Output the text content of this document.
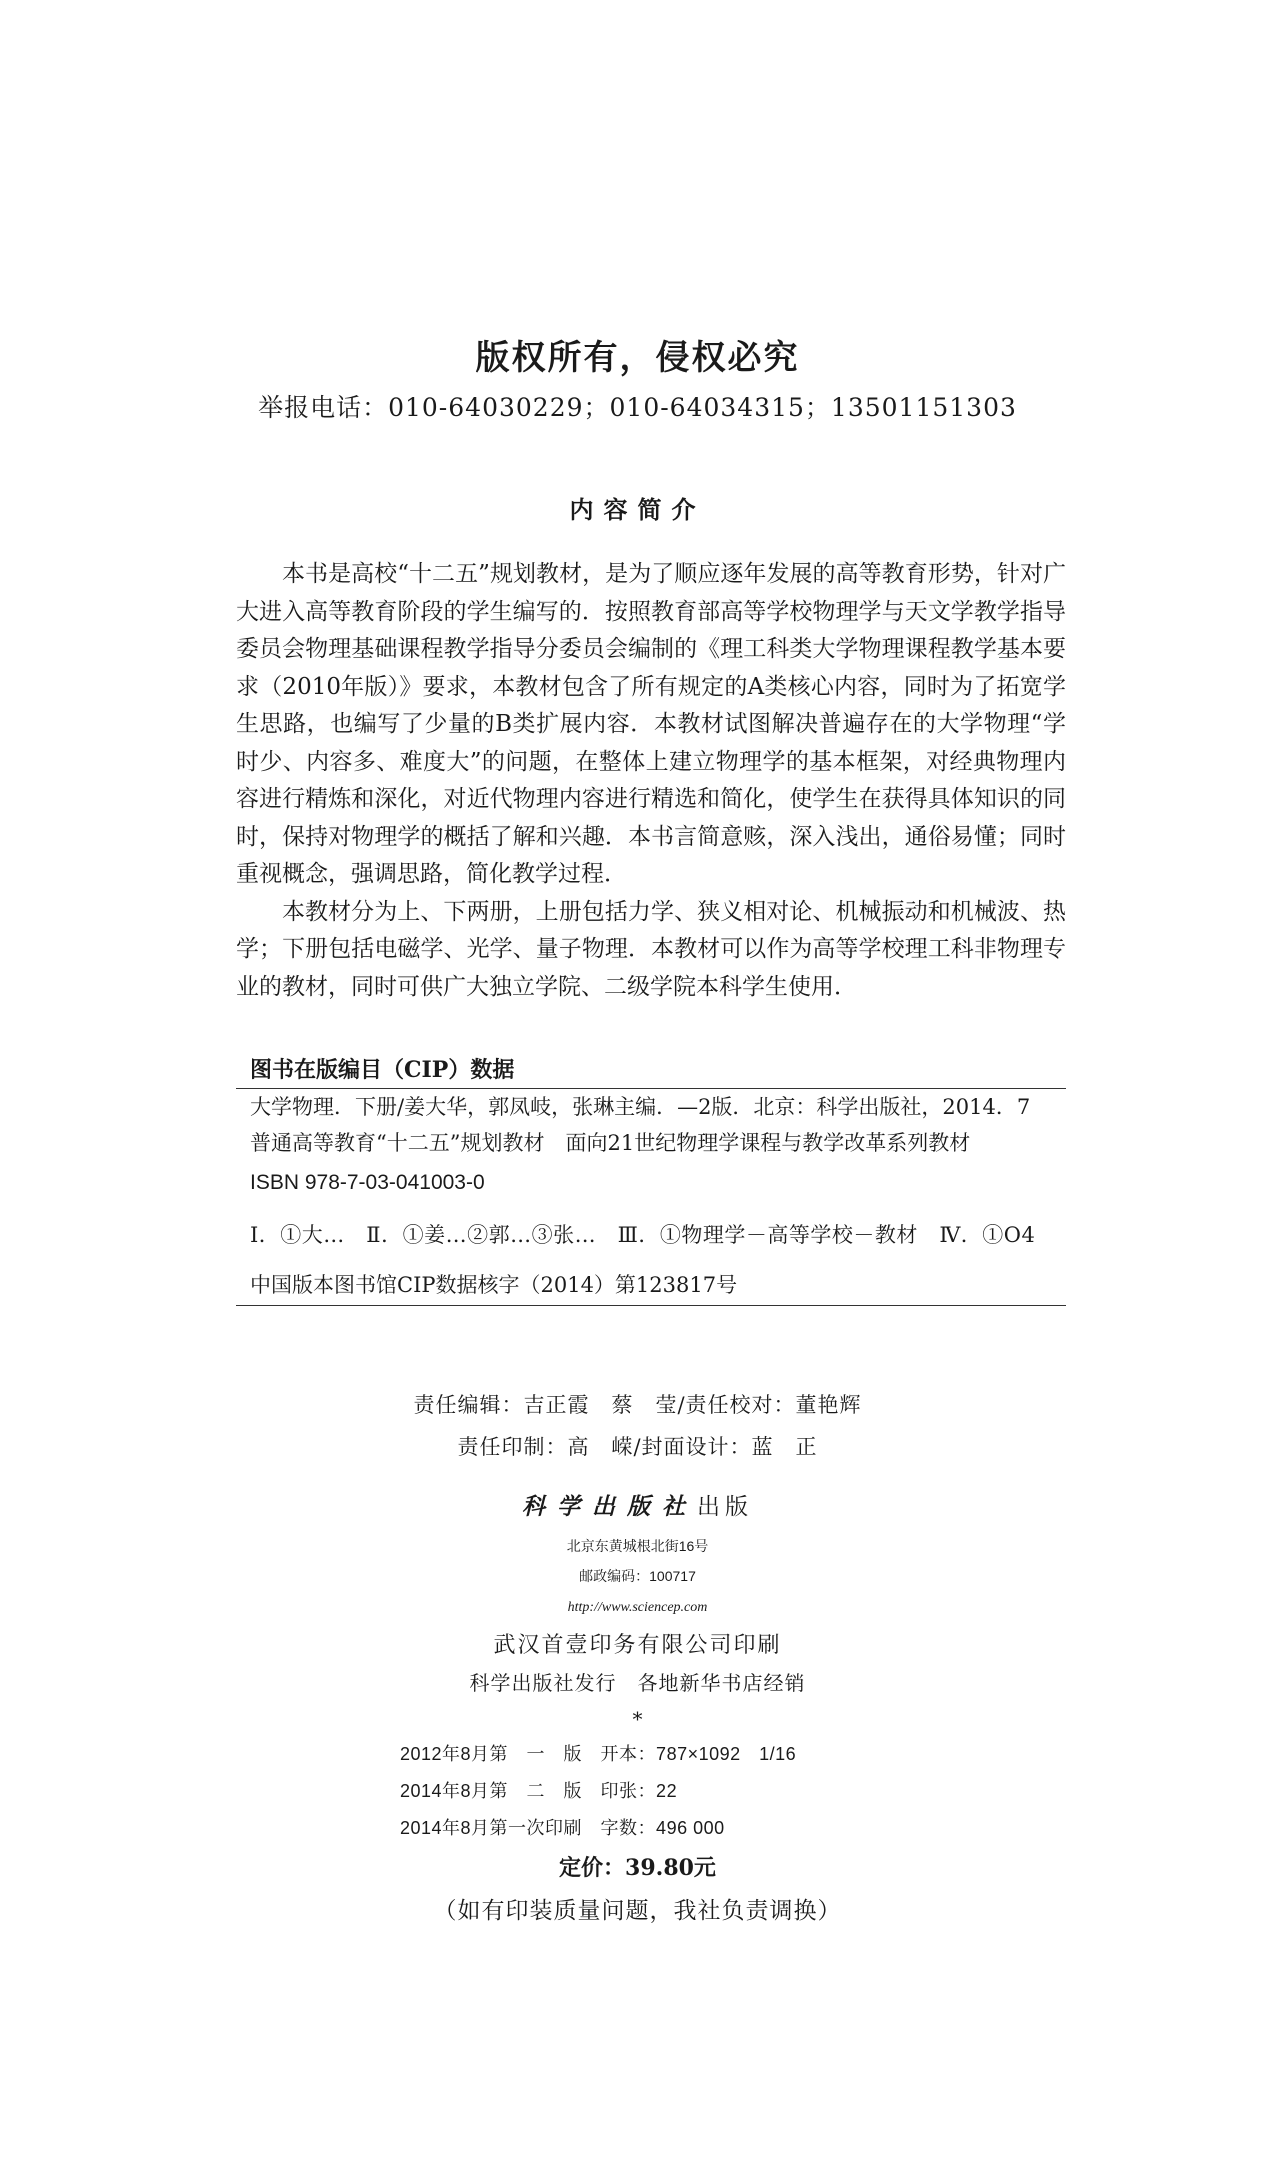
版权所有，侵权必究
举报电话：010-64030229；010-64034315；13501151303
内容简介

本书是高校“十二五”规划教材，是为了顺应逐年发展的高等教育形势，针对广大进入高等教育阶段的学生编写的．按照教育部高等学校物理学与天文学教学指导委员会物理基础课程教学指导分委员会编制的《理工科类大学物理课程教学基本要求（2010年版）》要求，本教材包含了所有规定的A类核心内容，同时为了拓宽学生思路，也编写了少量的B类扩展内容．本教材试图解决普遍存在的大学物理“学时少、内容多、难度大”的问题，在整体上建立物理学的基本框架，对经典物理内容进行精炼和深化，对近代物理内容进行精选和简化，使学生在获得具体知识的同时，保持对物理学的概括了解和兴趣．本书言简意赅，深入浅出，通俗易懂；同时重视概念，强调思路，简化教学过程．

本教材分为上、下两册，上册包括力学、狭义相对论、机械振动和机械波、热学；下册包括电磁学、光学、量子物理．本教材可以作为高等学校理工科非物理专业的教材，同时可供广大独立学院、二级学院本科学生使用．

图书在版编目（CIP）数据
大学物理．下册/姜大华，郭凤岐，张琳主编．—2版．北京：科学出版社，2014．7
普通高等教育“十二五”规划教材　面向21世纪物理学课程与教学改革系列教材
ISBN 978-7-03-041003-0
Ⅰ．①大…　Ⅱ．①姜…②郭…③张…　Ⅲ．①物理学－高等学校－教材　Ⅳ．①O4
中国版本图书馆CIP数据核字（2014）第123817号
责任编辑：吉正霞　蔡　莹/责任校对：董艳辉
责任印制：高　嵘/封面设计：蓝　正
科学出版社出版
北京东黄城根北街16号
邮政编码：100717
http://www.sciencep.com
武汉首壹印务有限公司印刷
科学出版社发行　各地新华书店经销
*
2012年8月第　一　版　开本：787×1092　1/16
2014年8月第　二　版　印张：22
2014年8月第一次印刷　字数：496 000
定价：39.80元
（如有印装质量问题，我社负责调换）
